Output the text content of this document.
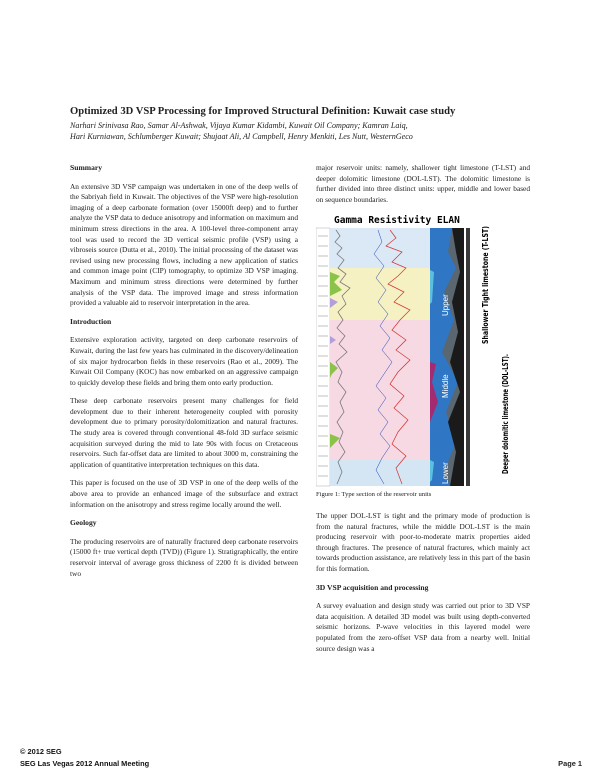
Optimized 3D VSP Processing for Improved Structural Definition: Kuwait case study
Narhari Srinivasa Rao, Samar Al-Ashwak, Vijaya Kumar Kidambi, Kuwait Oil Company; Kamran Laiq,
Hari Kurniawan, Schlumberger Kuwait; Shujaat Ali, Al Campbell, Henry Menkiti, Les Nutt, WesternGeco
Summary

An extensive 3D VSP campaign was undertaken in one of the deep wells of the Sabriyah field in Kuwait. The objectives of the VSP were high-resolution imaging of a deep carbonate formation (over 15000ft deep) and to further analyze the VSP data to deduce anisotropy and information on maximum and minimum stress directions in the area. A 100-level three-component array tool was used to record the 3D vertical seismic profile (VSP) using a vibroseis source (Dutta et al., 2010). The initial processing of the dataset was revised using new processing flows, including a new application of statics and common image point (CIP) tomography, to optimize 3D VSP imaging. Maximum and minimum stress directions were determined by further analysis of the VSP data. The improved image and stress information provided a valuable aid to reservoir interpretation in the area.

Introduction

Extensive exploration activity, targeted on deep carbonate reservoirs of Kuwait, during the last few years has culminated in the discovery/delineation of six major hydrocarbon fields in these reservoirs (Rao et al., 2009). The Kuwait Oil Company (KOC) has now embarked on an aggressive campaign to quickly develop these fields and bring them onto early production.

These deep carbonate reservoirs present many challenges for field development due to their inherent heterogeneity coupled with porosity development due to primary porosity/dolomitization and natural fractures. The study area is covered through conventional 48-fold 3D surface seismic acquisition surveyed during the mid to late 90s with focus on Cretaceous reservoirs. Such far-offset data are limited to about 3000 m, constraining the application of quantitative interpretation techniques on this data.

This paper is focused on the use of 3D VSP in one of the deep wells of the above area to provide an enhanced image of the subsurface and extract information on the anisotropy and stress regime locally around the well.

Geology

The producing reservoirs are of naturally fractured deep carbonate reservoirs (15000 ft+ true vertical depth (TVD)) (Figure 1). Stratigraphically, the entire reservoir interval of average gross thickness of 2200 ft is divided between two

major reservoir units: namely, shallower tight limestone (T-LST) and deeper dolomitic limestone (DOL-LST). The dolomitic limestone is further divided into three distinct units: upper, middle and lower based on sequence boundaries.

Gamma Resistivity ELAN
Upper
Middle
Lower
Shallower Tight limestone (T-LST)
Deeper dolomitic limestone (DOL-LST).
Figure 1: Type section of the reservoir units

The upper DOL-LST is tight and the primary mode of production is from the natural fractures, while the middle DOL-LST is the main producing reservoir with poor-to-moderate matrix properties aided through fractures. The presence of natural fractures, which mainly act towards production assistance, are relatively less in this part of the basin for this formation.

3D VSP acquisition and processing

A survey evaluation and design study was carried out prior to 3D VSP data acquisition. A detailed 3D model was built using depth-converted seismic horizons. P-wave velocities in this layered model were populated from the zero-offset VSP data from a nearby well. Initial source design was a

© 2012 SEG
SEG Las Vegas 2012 Annual Meeting	Page 1
